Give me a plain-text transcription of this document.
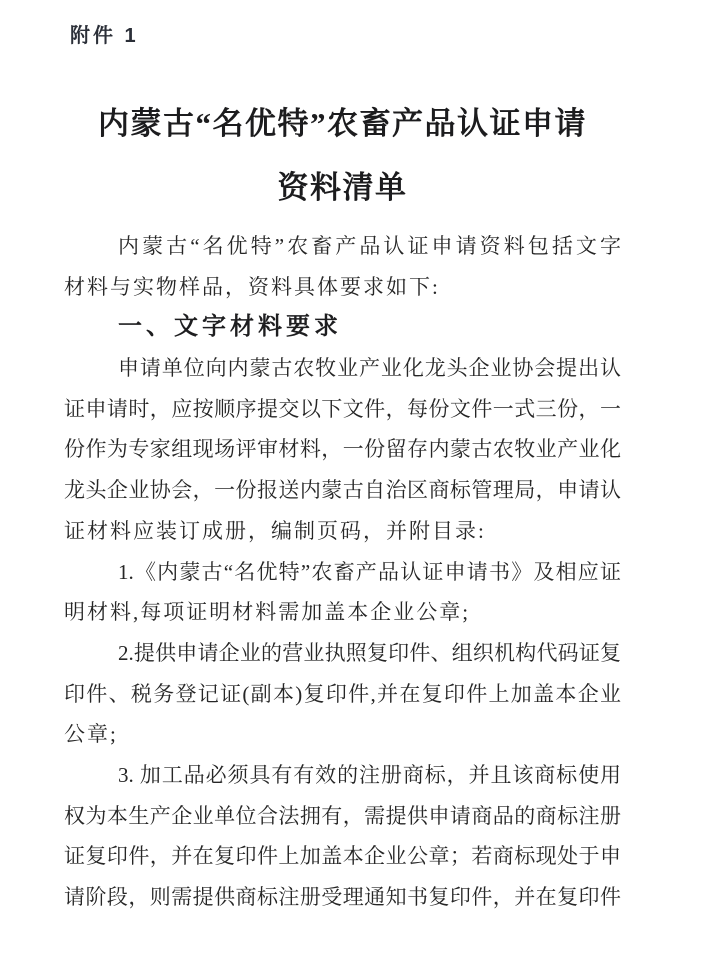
附件 1
内蒙古“名优特”农畜产品认证申请
资料清单
内蒙古“名优特”农畜产品认证申请资料包括文字
材料与实物样品，资料具体要求如下:
一、文字材料要求
申请单位向内蒙古农牧业产业化龙头企业协会提出认
证申请时，应按顺序提交以下文件，每份文件一式三份，一
份作为专家组现场评审材料，一份留存内蒙古农牧业产业化
龙头企业协会，一份报送内蒙古自治区商标管理局，申请认
证材料应装订成册，编制页码，并附目录:
1.《内蒙古“名优特”农畜产品认证申请书》及相应证
明材料,每项证明材料需加盖本企业公章;
2.提供申请企业的营业执照复印件、组织机构代码证复
印件、税务登记证(副本)复印件,并在复印件上加盖本企业
公章;
3. 加工品必须具有有效的注册商标，并且该商标使用
权为本生产企业单位合法拥有，需提供申请商品的商标注册
证复印件，并在复印件上加盖本企业公章；若商标现处于申
请阶段，则需提供商标注册受理通知书复印件，并在复印件
